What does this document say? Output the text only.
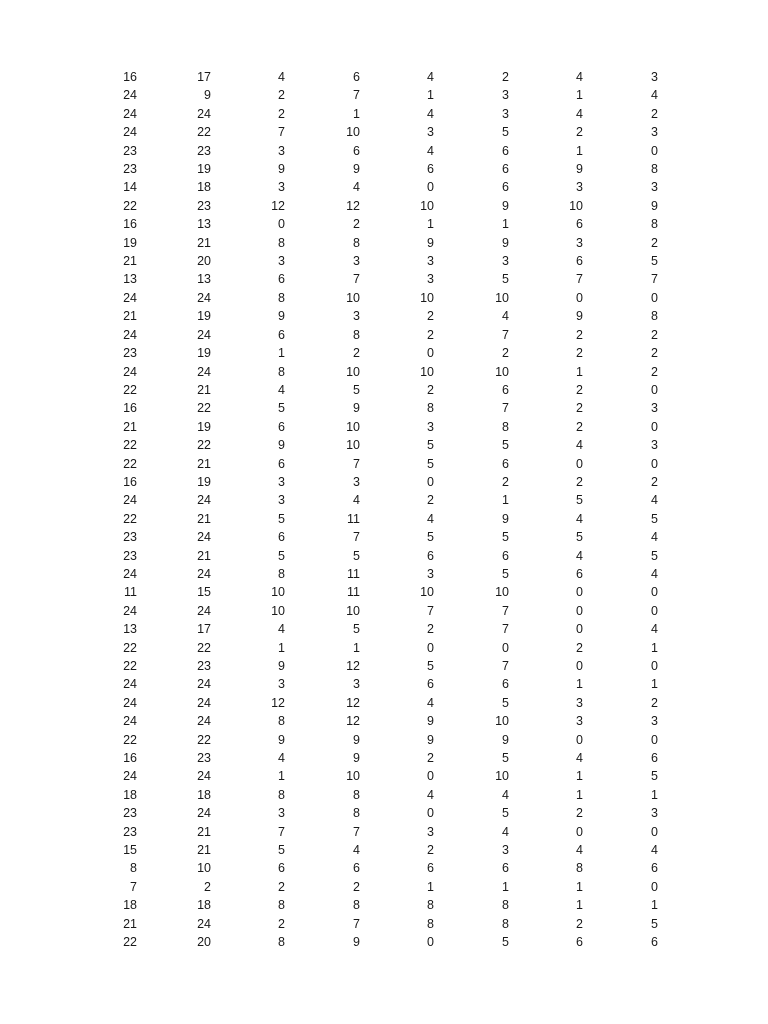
16	17	4	6	4	2	4	3
24	9	2	7	1	3	1	4
24	24	2	1	4	3	4	2
24	22	7	10	3	5	2	3
23	23	3	6	4	6	1	0
23	19	9	9	6	6	9	8
14	18	3	4	0	6	3	3
22	23	12	12	10	9	10	9
16	13	0	2	1	1	6	8
19	21	8	8	9	9	3	2
21	20	3	3	3	3	6	5
13	13	6	7	3	5	7	7
24	24	8	10	10	10	0	0
21	19	9	3	2	4	9	8
24	24	6	8	2	7	2	2
23	19	1	2	0	2	2	2
24	24	8	10	10	10	1	2
22	21	4	5	2	6	2	0
16	22	5	9	8	7	2	3
21	19	6	10	3	8	2	0
22	22	9	10	5	5	4	3
22	21	6	7	5	6	0	0
16	19	3	3	0	2	2	2
24	24	3	4	2	1	5	4
22	21	5	11	4	9	4	5
23	24	6	7	5	5	5	4
23	21	5	5	6	6	4	5
24	24	8	11	3	5	6	4
11	15	10	11	10	10	0	0
24	24	10	10	7	7	0	0
13	17	4	5	2	7	0	4
22	22	1	1	0	0	2	1
22	23	9	12	5	7	0	0
24	24	3	3	6	6	1	1
24	24	12	12	4	5	3	2
24	24	8	12	9	10	3	3
22	22	9	9	9	9	0	0
16	23	4	9	2	5	4	6
24	24	1	10	0	10	1	5
18	18	8	8	4	4	1	1
23	24	3	8	0	5	2	3
23	21	7	7	3	4	0	0
15	21	5	4	2	3	4	4
8	10	6	6	6	6	8	6
7	2	2	2	1	1	1	0
18	18	8	8	8	8	1	1
21	24	2	7	8	8	2	5
22	20	8	9	0	5	6	6
